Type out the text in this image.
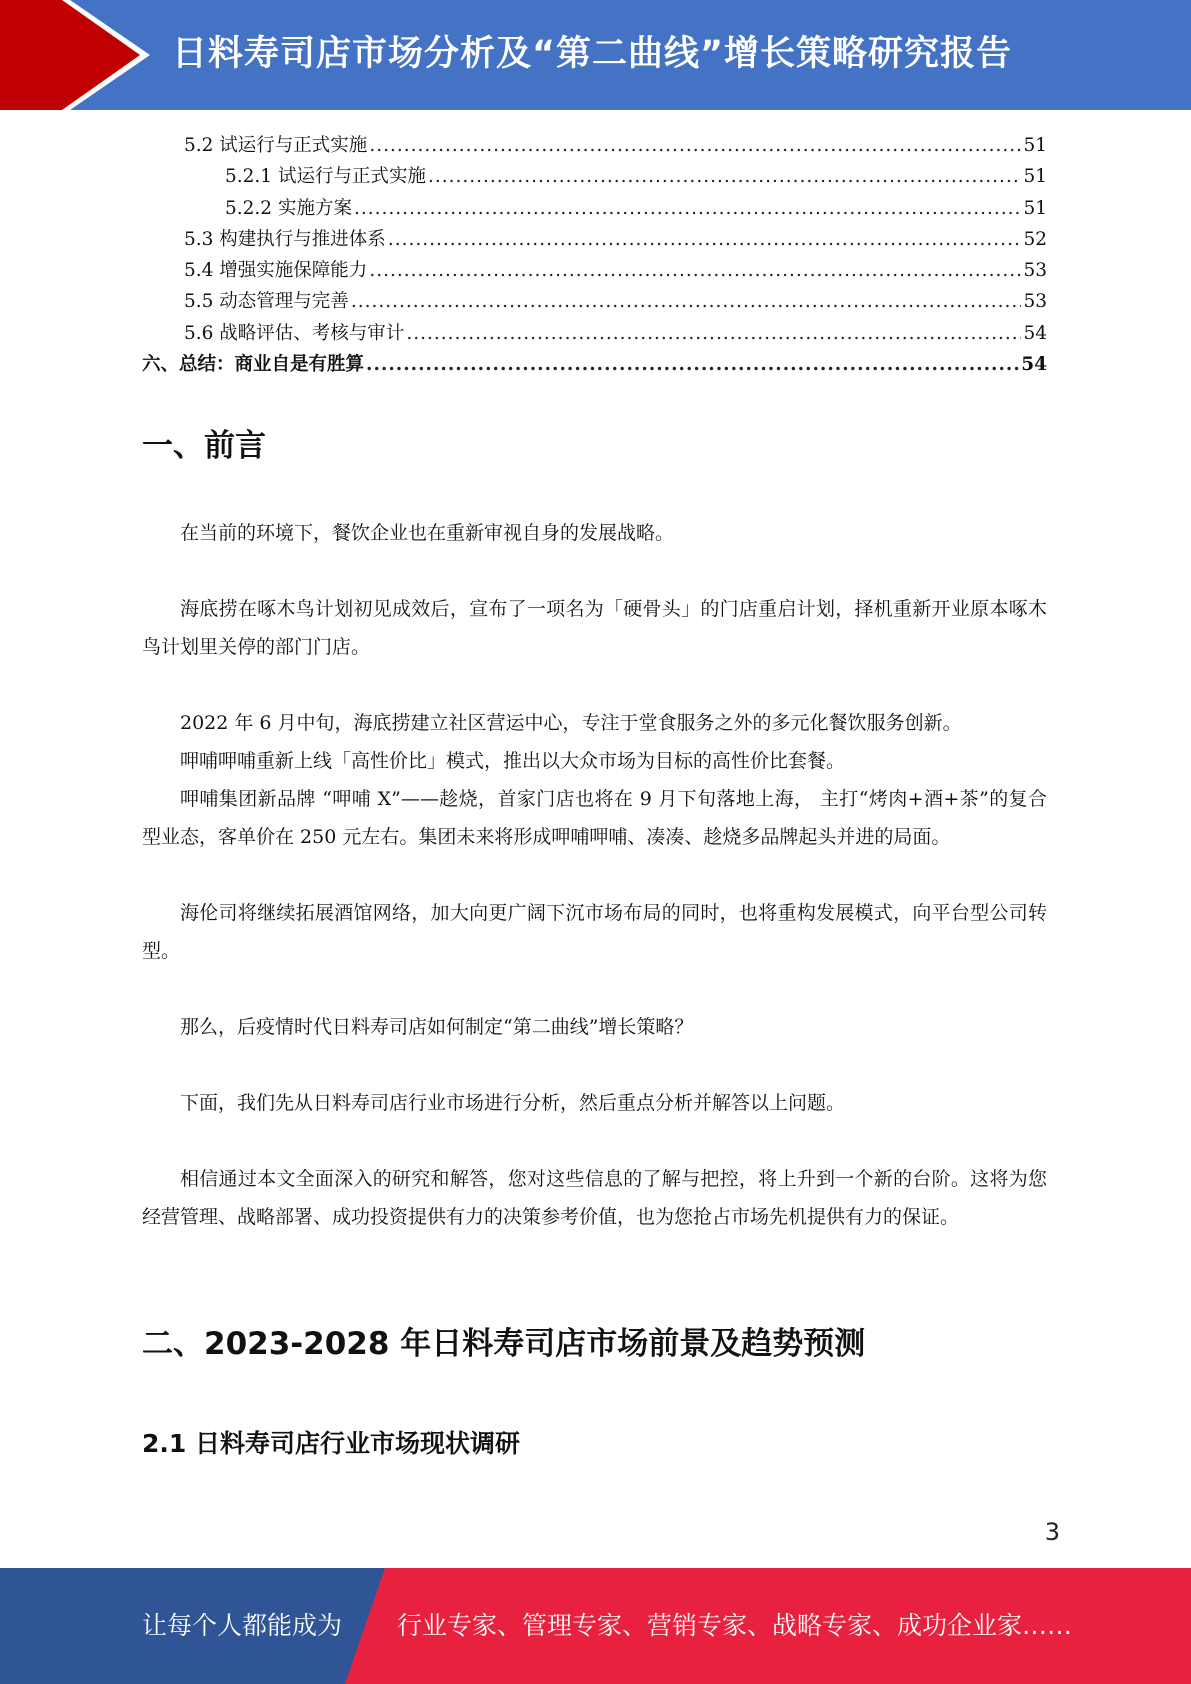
日料寿司店市场分析及“第二曲线”增长策略研究报告
5.2 试运行与正式实施 .....	51
5.2.1 试运行与正式实施 .....	51
5.2.2 实施方案 .....	51
5.3 构建执行与推进体系 .....	52
5.4 增强实施保障能力 .....	53
5.5 动态管理与完善 .....	53
5.6 战略评估、考核与审计 .....	54
六、总结：商业自是有胜算 .....	54
一、前言

在当前的环境下，餐饮企业也在重新审视自身的发展战略。

海底捞在啄木鸟计划初见成效后，宣布了一项名为「硬骨头」的门店重启计划，择机重新开业原本啄木鸟计划里关停的部门门店。

2022 年 6 月中旬，海底捞建立社区营运中心，专注于堂食服务之外的多元化餐饮服务创新。

呷哺呷哺重新上线「高性价比」模式，推出以大众市场为目标的高性价比套餐。

呷哺集团新品牌 “呷哺 X”——趁烧，首家门店也将在 9 月下旬落地上海， 主打“烤肉+酒+茶”的复合型业态，客单价在 250 元左右。集团未来将形成呷哺呷哺、凑凑、趁烧多品牌起头并进的局面。

海伦司将继续拓展酒馆网络，加大向更广阔下沉市场布局的同时，也将重构发展模式，向平台型公司转型。

那么，后疫情时代日料寿司店如何制定“第二曲线”增长策略？

下面，我们先从日料寿司店行业市场进行分析，然后重点分析并解答以上问题。

相信通过本文全面深入的研究和解答，您对这些信息的了解与把控，将上升到一个新的台阶。这将为您经营管理、战略部署、成功投资提供有力的决策参考价值，也为您抢占市场先机提供有力的保证。

二、2023-2028 年日料寿司店市场前景及趋势预测
2.1 日料寿司店行业市场现状调研
3
让每个人都能成为 行业专家、管理专家、营销专家、战略专家、成功企业家……
